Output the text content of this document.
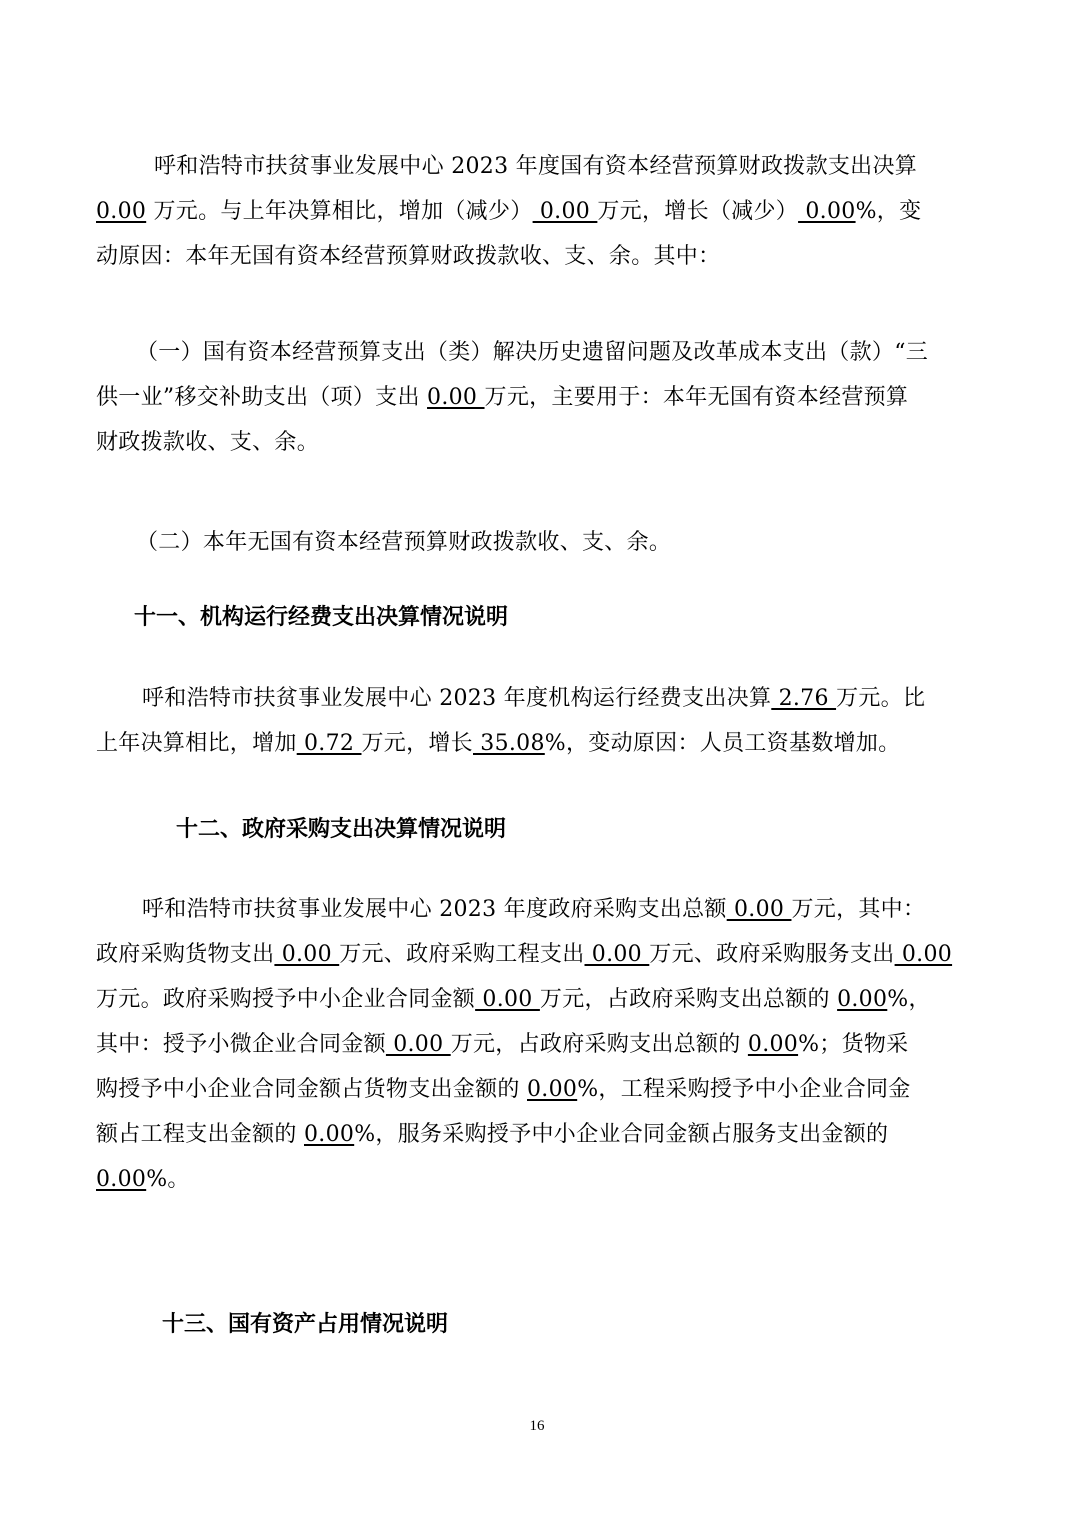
呼和浩特市扶贫事业发展中心 2023 年度国有资本经营预算财政拨款支出决算
0.00 万元。与上年决算相比，增加（减少） 0.00 万元，增长（减少） 0.00%，变
动原因：本年无国有资本经营预算财政拨款收、支、余。其中：
（一）国有资本经营预算支出（类）解决历史遗留问题及改革成本支出（款）“三
供一业”移交补助支出（项）支出 0.00 万元，主要用于：本年无国有资本经营预算
财政拨款收、支、余。
（二）本年无国有资本经营预算财政拨款收、支、余。
十一、机构运行经费支出决算情况说明
呼和浩特市扶贫事业发展中心 2023 年度机构运行经费支出决算 2.76 万元。比
上年决算相比，增加 0.72 万元，增长 35.08%，变动原因：人员工资基数增加。
十二、政府采购支出决算情况说明
呼和浩特市扶贫事业发展中心 2023 年度政府采购支出总额 0.00 万元，其中：
政府采购货物支出 0.00 万元、政府采购工程支出 0.00 万元、政府采购服务支出 0.00
万元。政府采购授予中小企业合同金额 0.00 万元，占政府采购支出总额的 0.00%，
其中：授予小微企业合同金额 0.00 万元，占政府采购支出总额的 0.00%；货物采
购授予中小企业合同金额占货物支出金额的 0.00%，工程采购授予中小企业合同金
额占工程支出金额的 0.00%，服务采购授予中小企业合同金额占服务支出金额的
0.00%。
十三、国有资产占用情况说明
16
